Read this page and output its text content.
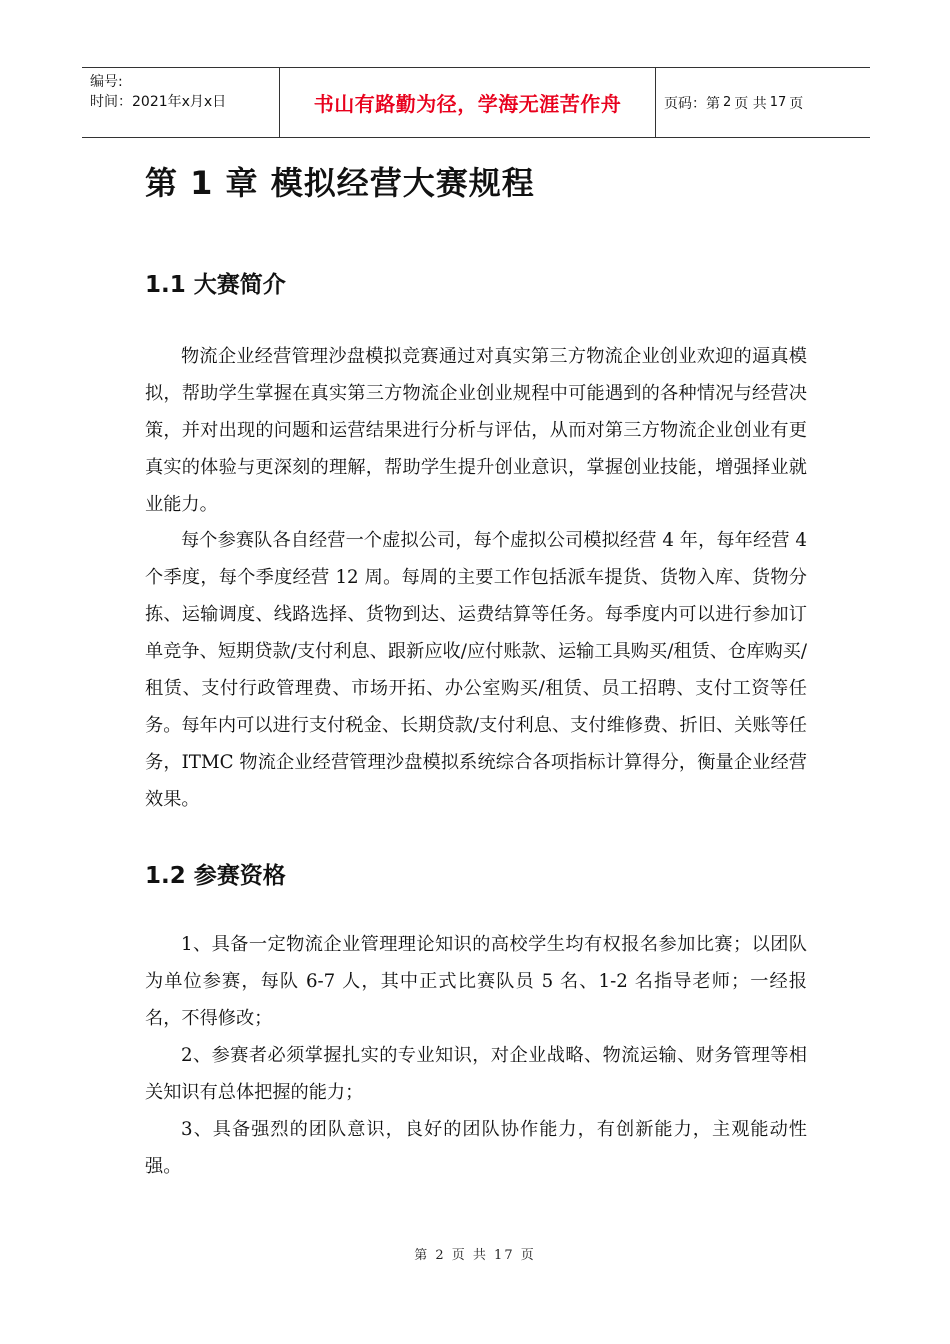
编号:
时间：2021年x月x日	书山有路勤为径，学海无涯苦作舟	页码：第 2 页 共 17 页
第 1 章 模拟经营大赛规程
1.1 大赛简介

物流企业经营管理沙盘模拟竞赛通过对真实第三方物流企业创业欢迎的逼真模拟，帮助学生掌握在真实第三方物流企业创业规程中可能遇到的各种情况与经营决策，并对出现的问题和运营结果进行分析与评估，从而对第三方物流企业创业有更真实的体验与更深刻的理解，帮助学生提升创业意识，掌握创业技能，增强择业就业能力。

每个参赛队各自经营一个虚拟公司，每个虚拟公司模拟经营 4 年，每年经营 4 个季度，每个季度经营 12 周。每周的主要工作包括派车提货、货物入库、货物分拣、运输调度、线路选择、货物到达、运费结算等任务。每季度内可以进行参加订单竞争、短期贷款/支付利息、跟新应收/应付账款、运输工具购买/租赁、仓库购买/租赁、支付行政管理费、市场开拓、办公室购买/租赁、员工招聘、支付工资等任务。每年内可以进行支付税金、长期贷款/支付利息、支付维修费、折旧、关账等任务，ITMC 物流企业经营管理沙盘模拟系统综合各项指标计算得分，衡量企业经营效果。

1.2 参赛资格

1、具备一定物流企业管理理论知识的高校学生均有权报名参加比赛；以团队为单位参赛，每队 6-7 人，其中正式比赛队员 5 名、1-2 名指导老师；一经报名，不得修改；

2、参赛者必须掌握扎实的专业知识，对企业战略、物流运输、财务管理等相关知识有总体把握的能力；

3、具备强烈的团队意识，良好的团队协作能力，有创新能力，主观能动性强。

第 2 页 共 17 页
